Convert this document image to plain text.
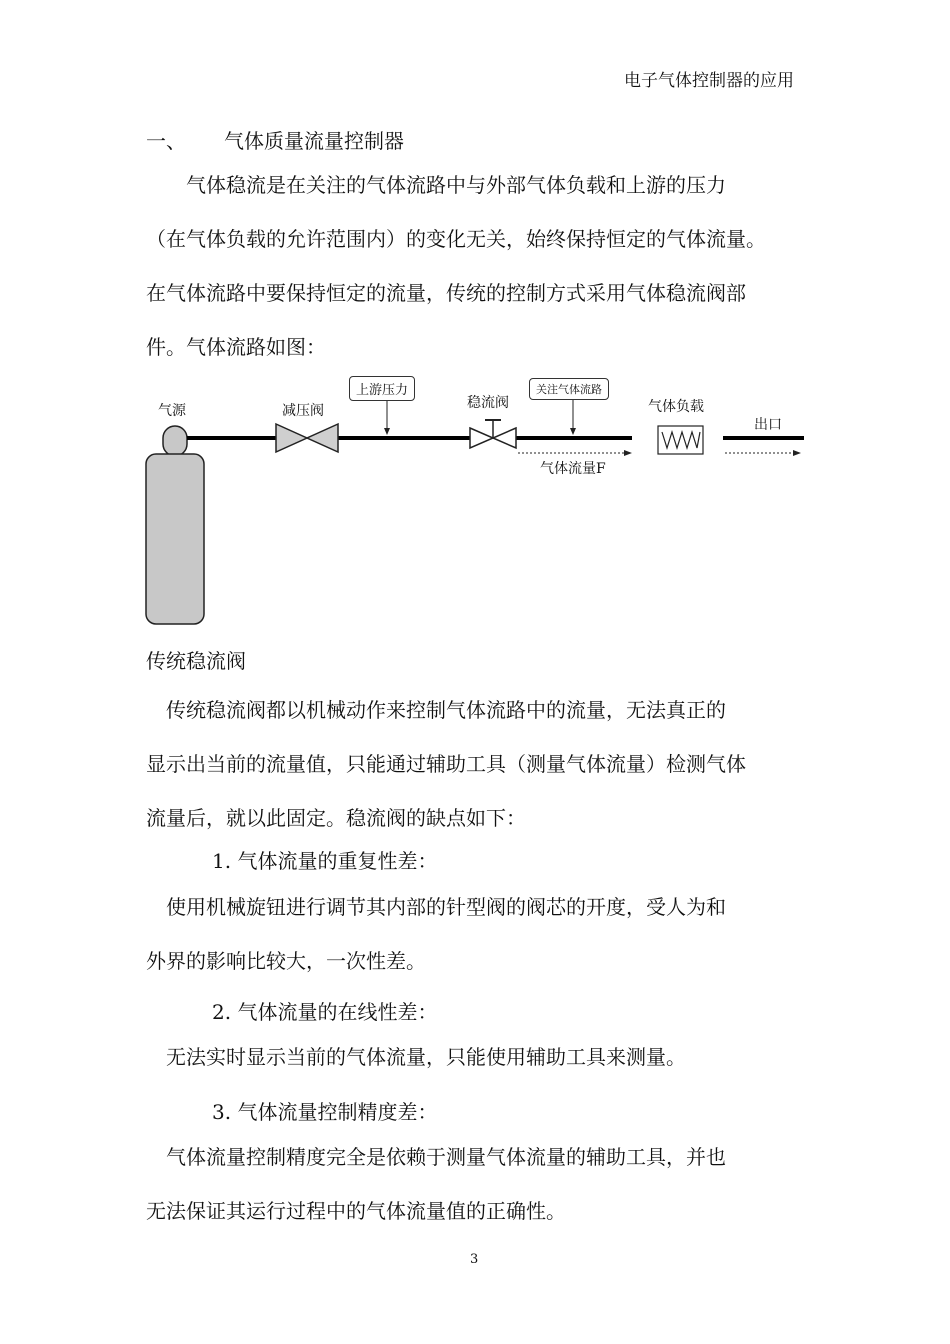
电子气体控制器的应用
一、 气体质量流量控制器
　　气体稳流是在关注的气体流路中与外部气体负载和上游的压力
（在气体负载的允许范围内）的变化无关，始终保持恒定的气体流量。
在气体流路中要保持恒定的流量，传统的控制方式采用气体稳流阀部
件。气体流路如图：
气源	减压阀
上游压力
稳流阀
关注气体流路
气体负载
出口
气体流量F
传统稳流阀
　传统稳流阀都以机械动作来控制气体流路中的流量，无法真正的
显示出当前的流量值，只能通过辅助工具（测量气体流量）检测气体
流量后，就以此固定。稳流阀的缺点如下：
1. 气体流量的重复性差：
　使用机械旋钮进行调节其内部的针型阀的阀芯的开度，受人为和
外界的影响比较大，一次性差。
2. 气体流量的在线性差：
　无法实时显示当前的气体流量，只能使用辅助工具来测量。
3. 气体流量控制精度差：
　气体流量控制精度完全是依赖于测量气体流量的辅助工具，并也
无法保证其运行过程中的气体流量值的正确性。
3
